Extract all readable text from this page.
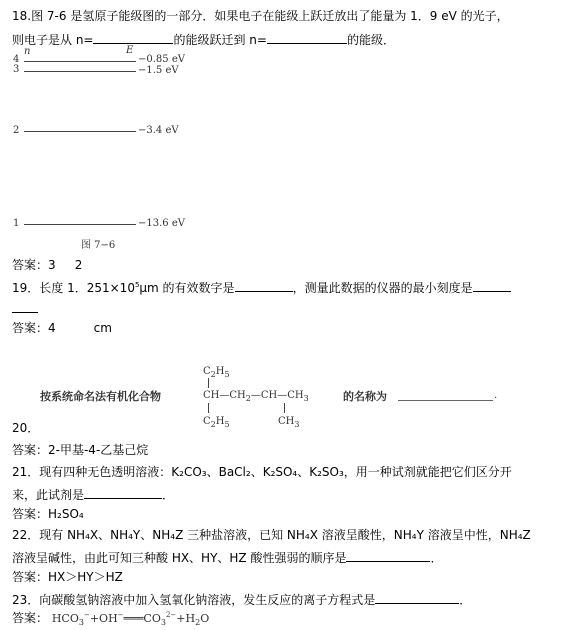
18.图 7-6 是氢原子能级图的一部分．如果电子在能级上跃迁放出了能量为 1．9 eV 的光子，
则电子是从 n=	的能级跃迁到 n=	的能级．
n	E
4	−0.85 eV
3	−1.5 eV
2	−3.4 eV
1	−13.6 eV
图 7−6
答案：3     2
19．长度 1．$251\times 10^5\mu m$ 的有效数字是	，测量此数据的仪器的最小刻度是
答案：4	cm
按系统命名法有机化合物
$C_2H_5$
$CH—CH_2—CH—CH_3$
$C_2H_5$	$CH_3$
的名称为	.
20．
答案：2-甲基-4-乙基己烷
21．现有四种无色透明溶液：K₂CO₃、BaCl₂、K₂SO₄、K₂SO₃，用一种试剂就能把它们区分开
来，此试剂是	．
答案：H₂SO₄
22．现有 NH₄X、NH₄Y、NH₄Z 三种盐溶液，已知 NH₄X 溶液呈酸性，NH₄Y 溶液呈中性，NH₄Z
溶液呈碱性，由此可知三种酸 HX、HY、HZ 酸性强弱的顺序是	．
答案：HX＞HY＞HZ
23．向碳酸氢钠溶液中加入氢氧化钠溶液，发生反应的离子方程式是	．
答案： $HCO_3^-+OH^-═══CO_3^{2-}+H_2O$
